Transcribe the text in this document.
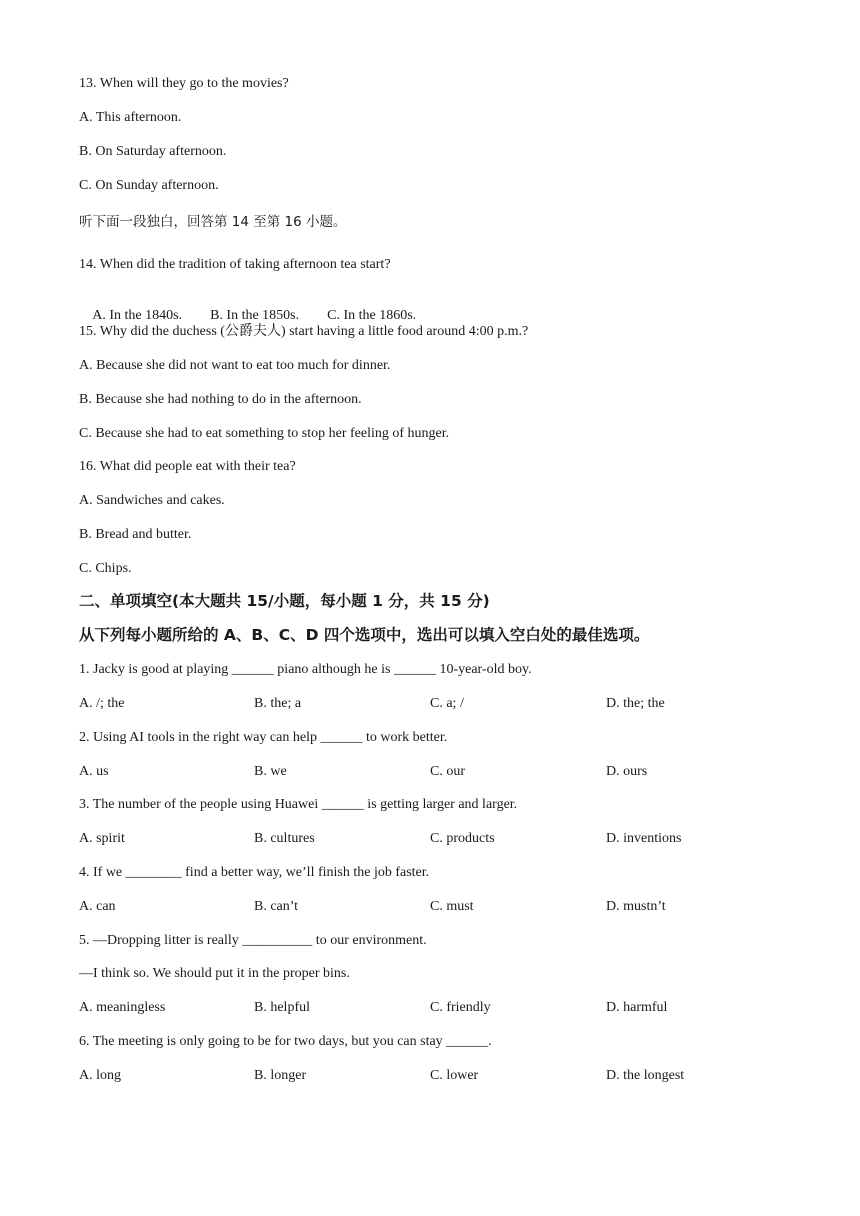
13. When will they go to the movies?
A. This afternoon.
B. On Saturday afternoon.
C. On Sunday afternoon.
听下面一段独白，回答第 14 至第 16 小题。
14. When did the tradition of taking afternoon tea start?

A. In the 1840s. B. In the 1850s. C. In the 1860s.

15. Why did the duchess (公爵夫人) start having a little food around 4:00 p.m.?
A. Because she did not want to eat too much for dinner.
B. Because she had nothing to do in the afternoon.
C. Because she had to eat something to stop her feeling of hunger.
16. What did people eat with their tea?
A. Sandwiches and cakes.
B. Bread and butter.
C. Chips.
二、单项填空(本大题共 15/小题，每小题 1 分，共 15 分)
从下列每小题所给的 A、B、C、D 四个选项中，选出可以填入空白处的最佳选项。
1. Jacky is good at playing ______ piano although he is ______ 10-year-old boy.
A. /; the	B. the; a	C. a; /	D. the; the
2. Using AI tools in the right way can help ______ to work better.
A. us	B. we	C. our	D. ours
3. The number of the people using Huawei ______ is getting larger and larger.
A. spirit	B. cultures	C. products	D. inventions
4. If we ________ find a better way, we’ll finish the job faster.
A. can	B. can’t	C. must	D. mustn’t
5. —Dropping litter is really __________ to our environment.
—I think so. We should put it in the proper bins.
A. meaningless	B. helpful	C. friendly	D. harmful
6. The meeting is only going to be for two days, but you can stay ______.
A. long	B. longer	C. lower	D. the longest
